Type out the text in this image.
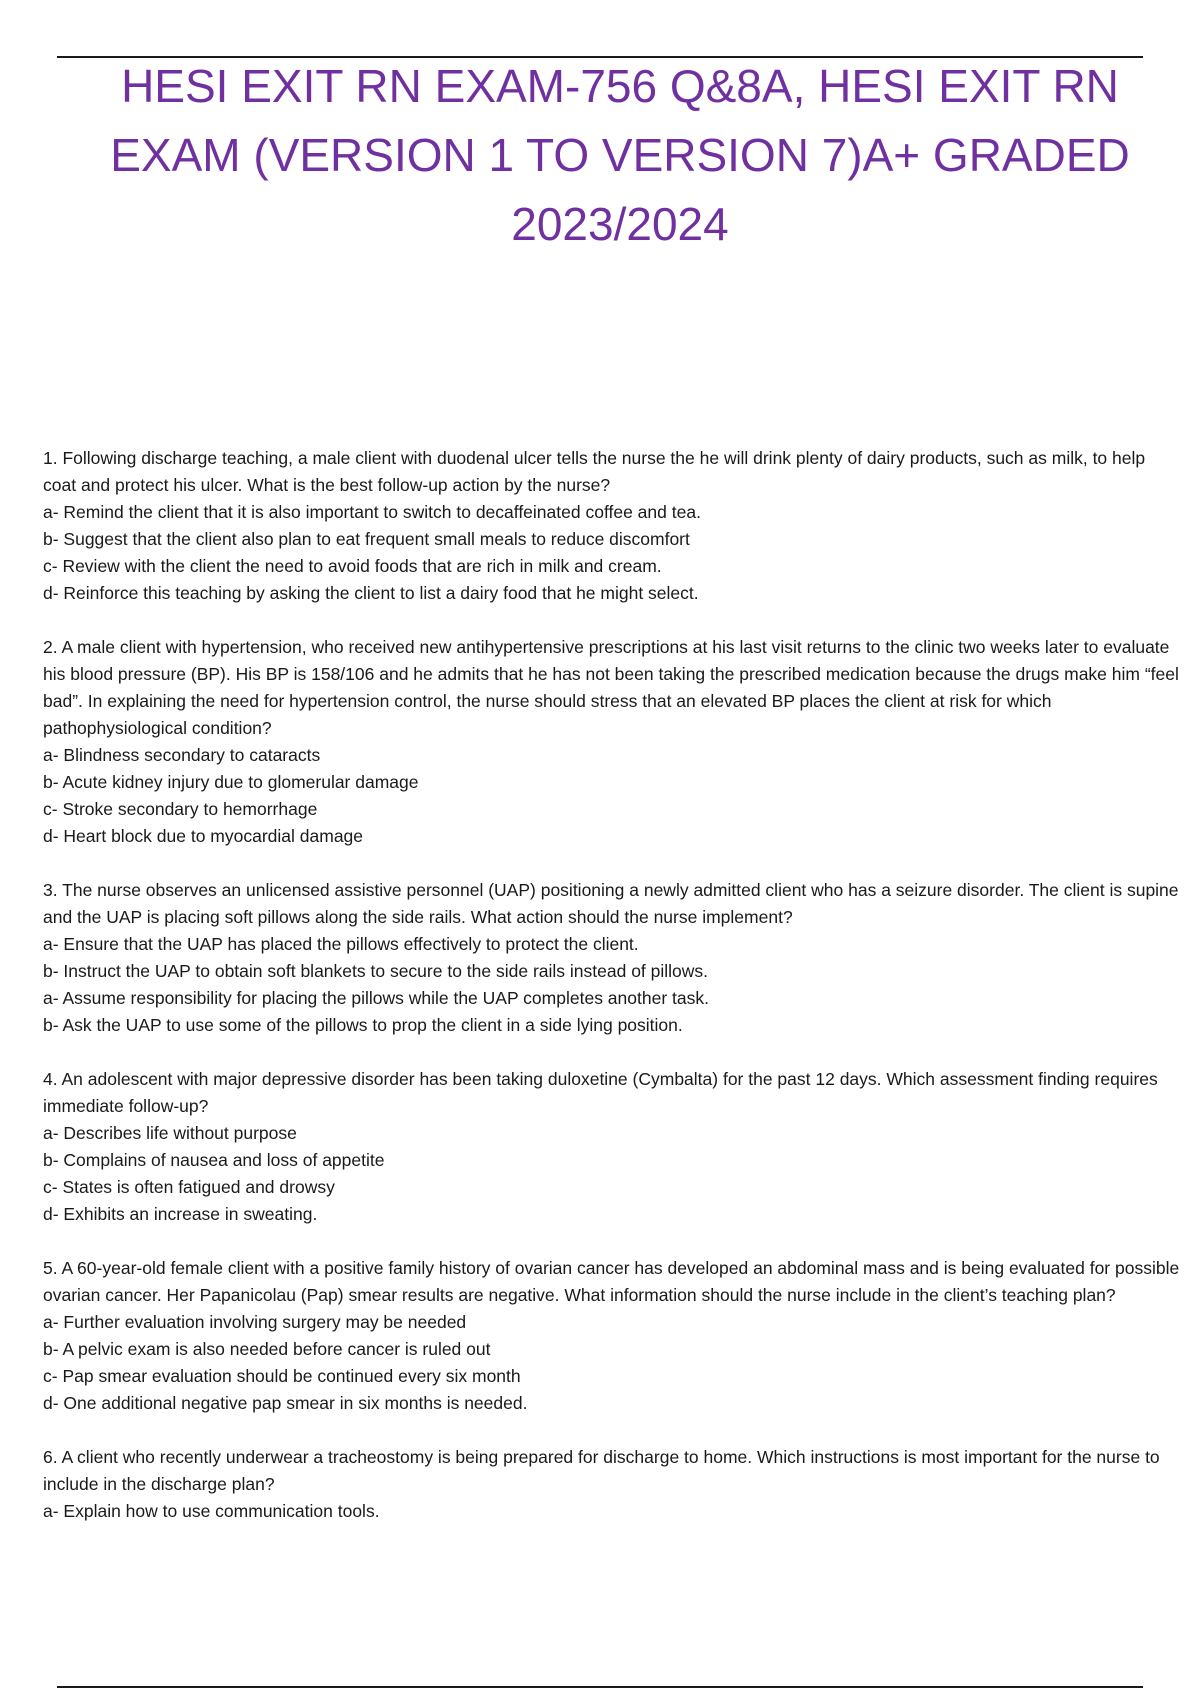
HESI EXIT RN EXAM-756 Q&8A, HESI EXIT RN
EXAM (VERSION 1 TO VERSION 7)A+ GRADED
2023/2024

1. Following discharge teaching, a male client with duodenal ulcer tells the nurse the he will drink plenty of dairy products, such as milk, to help coat and protect his ulcer. What is the best follow-up action by the nurse?

a- Remind the client that it is also important to switch to decaffeinated coffee and tea.

b- Suggest that the client also plan to eat frequent small meals to reduce discomfort

c- Review with the client the need to avoid foods that are rich in milk and cream.

d- Reinforce this teaching by asking the client to list a dairy food that he might select.

2. A male client with hypertension, who received new antihypertensive prescriptions at his last visit returns to the clinic two weeks later to evaluate his blood pressure (BP). His BP is 158/106 and he admits that he has not been taking the prescribed medication because the drugs make him “feel bad”. In explaining the need for hypertension control, the nurse should stress that an elevated BP places the client at risk for which pathophysiological condition?

a- Blindness secondary to cataracts

b- Acute kidney injury due to glomerular damage

c- Stroke secondary to hemorrhage

d- Heart block due to myocardial damage

3. The nurse observes an unlicensed assistive personnel (UAP) positioning a newly admitted client who has a seizure disorder. The client is supine and the UAP is placing soft pillows along the side rails. What action should the nurse implement?

a- Ensure that the UAP has placed the pillows effectively to protect the client.

b- Instruct the UAP to obtain soft blankets to secure to the side rails instead of pillows.

a- Assume responsibility for placing the pillows while the UAP completes another task.

b- Ask the UAP to use some of the pillows to prop the client in a side lying position.

4. An adolescent with major depressive disorder has been taking duloxetine (Cymbalta) for the past 12 days. Which assessment finding requires immediate follow-up?

a- Describes life without purpose

b- Complains of nausea and loss of appetite

c- States is often fatigued and drowsy

d- Exhibits an increase in sweating.

5. A 60-year-old female client with a positive family history of ovarian cancer has developed an abdominal mass and is being evaluated for possible ovarian cancer. Her Papanicolau (Pap) smear results are negative. What information should the nurse include in the client’s teaching plan?

a- Further evaluation involving surgery may be needed

b- A pelvic exam is also needed before cancer is ruled out

c- Pap smear evaluation should be continued every six month

d- One additional negative pap smear in six months is needed.

6. A client who recently underwear a tracheostomy is being prepared for discharge to home. Which instructions is most important for the nurse to include in the discharge plan?

a- Explain how to use communication tools.
